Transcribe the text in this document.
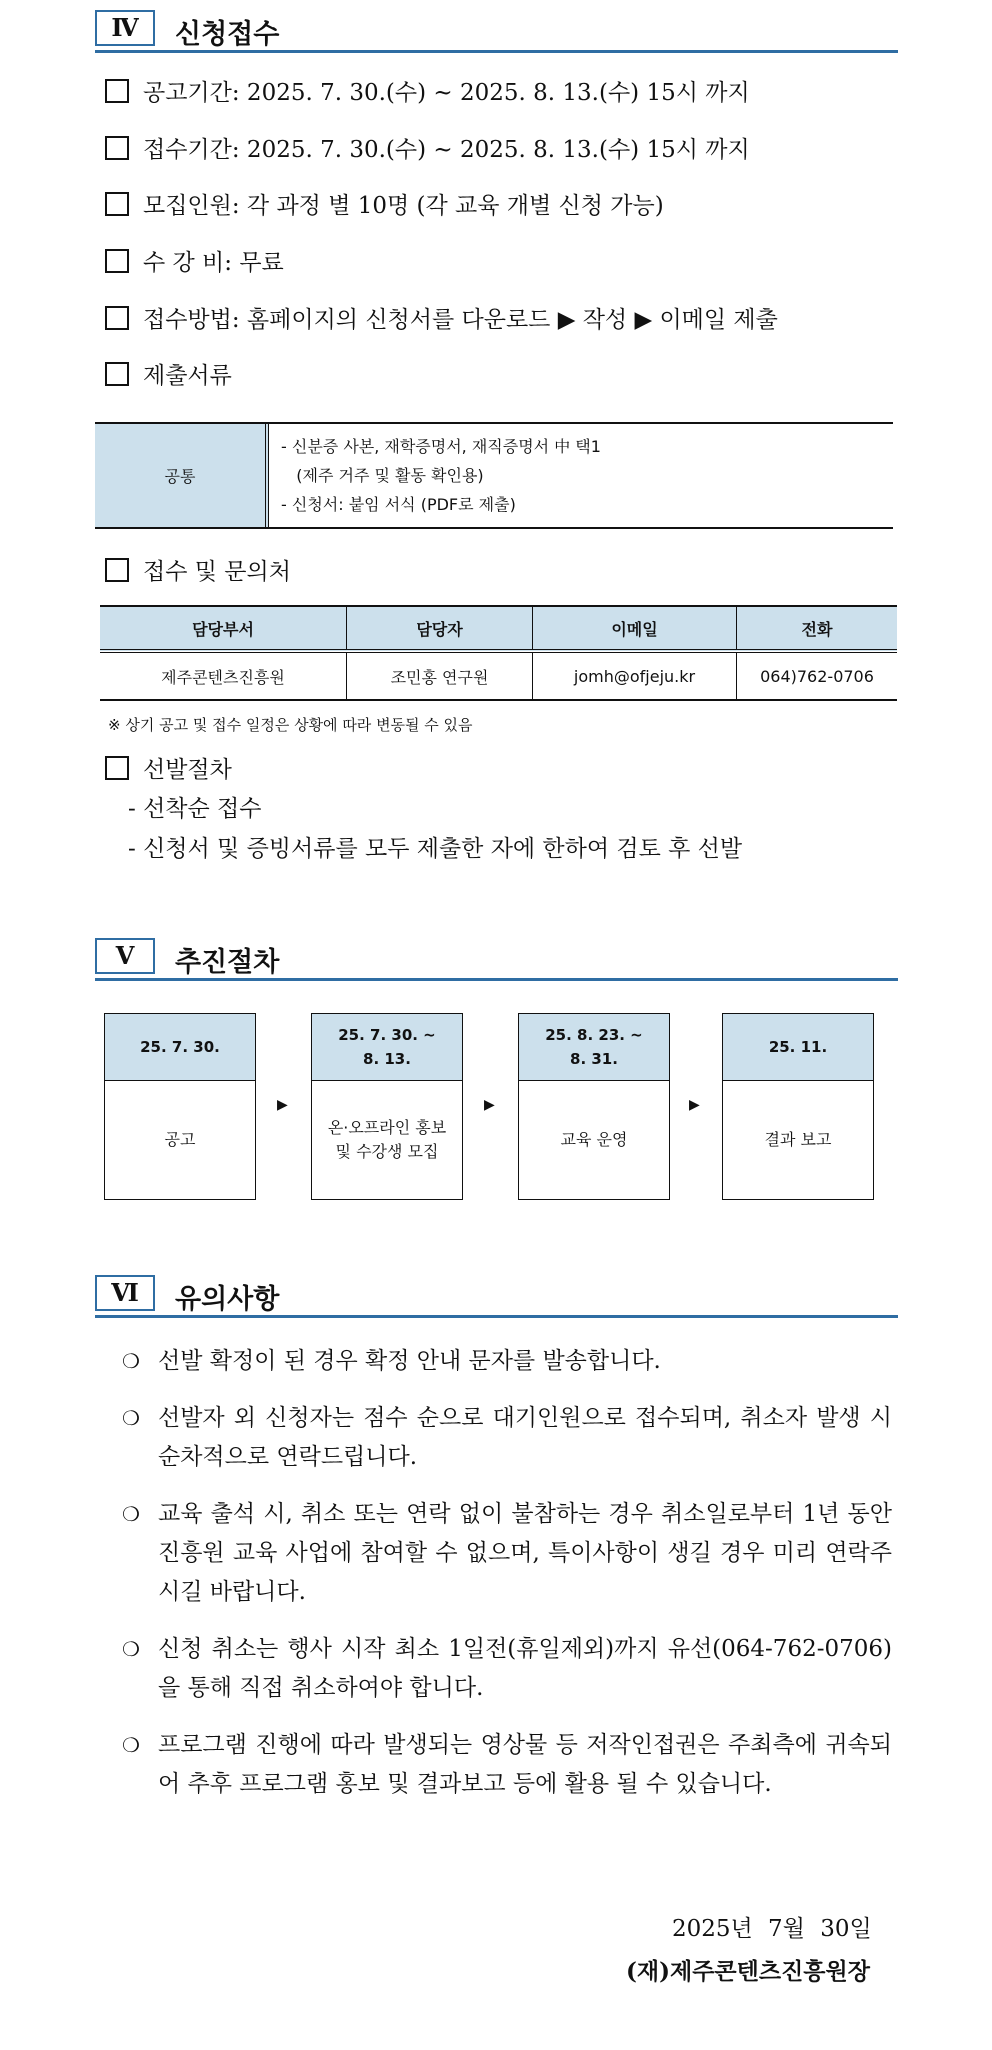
Ⅳ	신청접수
공고기간: 2025. 7. 30.(수) ~ 2025. 8. 13.(수) 15시 까지
접수기간: 2025. 7. 30.(수) ~ 2025. 8. 13.(수) 15시 까지
모집인원: 각 과정 별 10명 (각 교육 개별 신청 가능)
수 강 비: 무료
접수방법: 홈페이지의 신청서를 다운로드 ▶ 작성 ▶ 이메일 제출
제출서류
공통
- 신분증 사본, 재학증명서, 재직증명서 中 택1
(제주 거주 및 활동 확인용)
- 신청서: 붙임 서식 (PDF로 제출)
접수 및 문의처
담당부서	담당자	이메일	전화
제주콘텐츠진흥원	조민홍 연구원	jomh@ofjeju.kr	064)762-0706
※ 상기 공고 및 접수 일정은 상황에 따라 변동될 수 있음
선발절차
- 선착순 접수
- 신청서 및 증빙서류를 모두 제출한 자에 한하여 검토 후 선발
Ⅴ	추진절차
25. 7. 30.

공고

▶
25. 7. 30. ~
8. 13.
온·오프라인 홍보
및 수강생 모집
▶
25. 8. 23. ~
8. 31.
교육 운영

▶
25. 11.

결과 보고

Ⅵ	유의사항
❍ 선발 확정이 된 경우 확정 안내 문자를 발송합니다.
❍ 선발자 외 신청자는 점수 순으로 대기인원으로 접수되며, 취소자 발생 시 순차적으로 연락드립니다.
❍ 교육 출석 시, 취소 또는 연락 없이 불참하는 경우 취소일로부터 1년 동안 진흥원 교육 사업에 참여할 수 없으며, 특이사항이 생길 경우 미리 연락주시길 바랍니다.
❍ 신청 취소는 행사 시작 최소 1일전(휴일제외)까지 유선(064-762-0706)을 통해 직접 취소하여야 합니다.
❍ 프로그램 진행에 따라 발생되는 영상물 등 저작인접권은 주최측에 귀속되어 추후 프로그램 홍보 및 결과보고 등에 활용 될 수 있습니다.
2025년 7월 30일
(재)제주콘텐츠진흥원장
